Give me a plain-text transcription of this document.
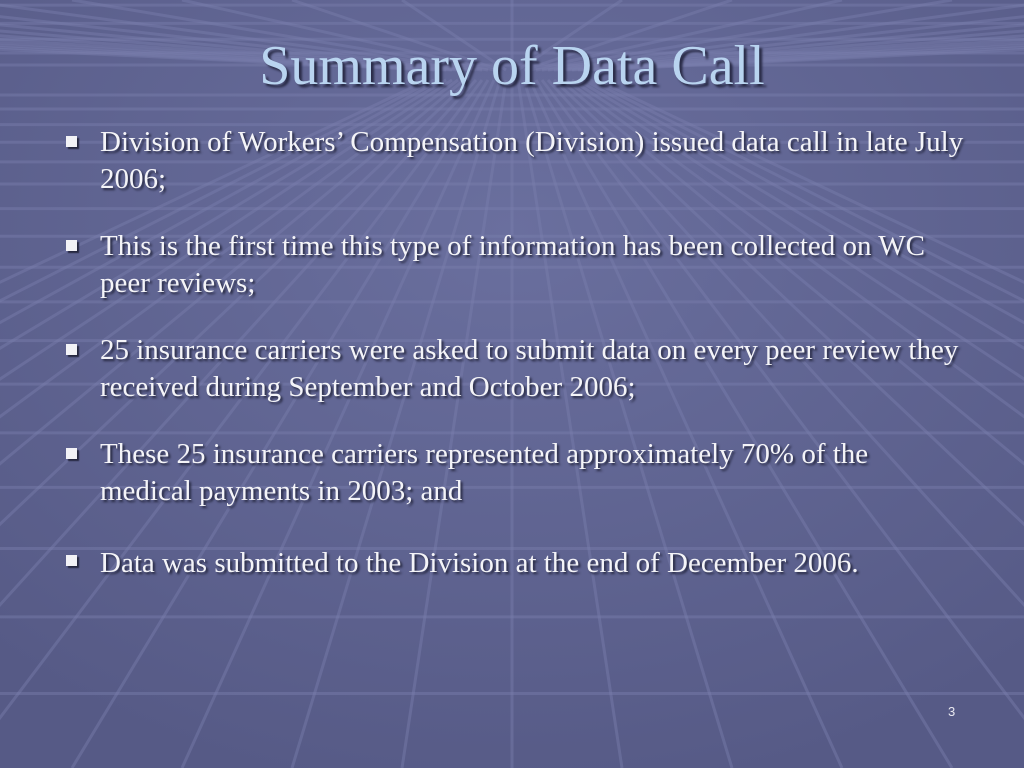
Summary of Data Call
Division of Workers’ Compensation (Division) issued data call in late July 2006;
This is the first time this type of information has been collected on WC peer reviews;
25 insurance carriers were asked to submit data on every peer review they received during September and October 2006;
These 25 insurance carriers represented approximately 70% of the medical payments in 2003; and
Data was submitted to the Division at the end of December 2006.
3
